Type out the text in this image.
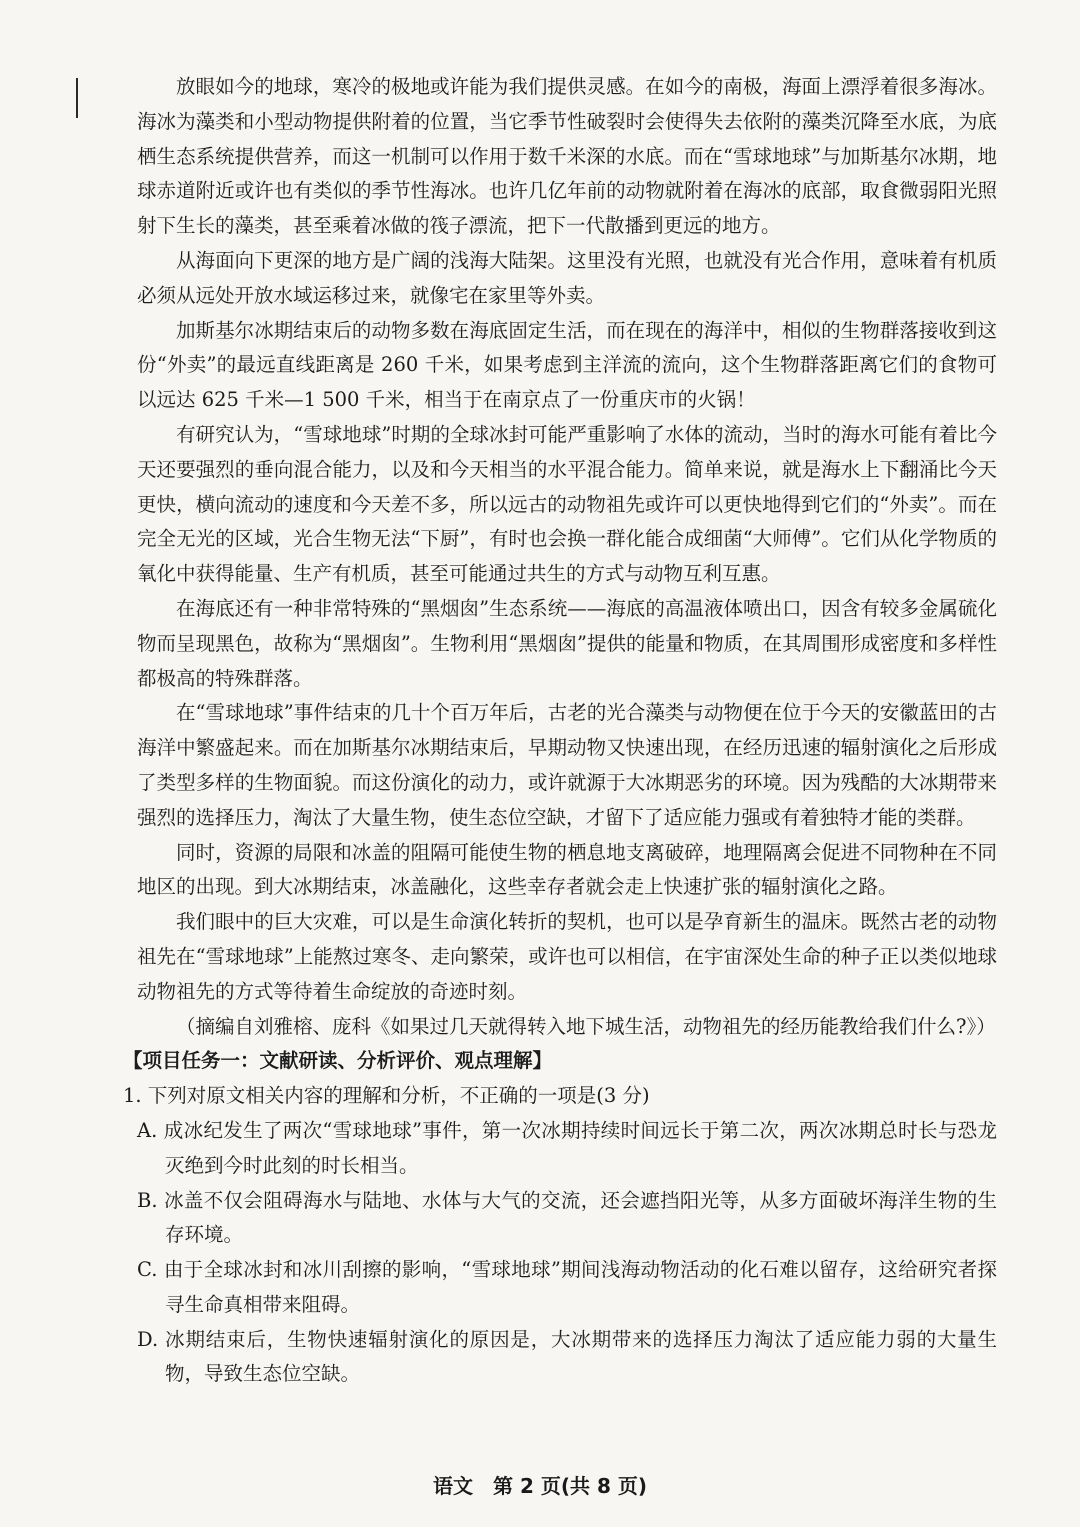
放眼如今的地球，寒冷的极地或许能为我们提供灵感。在如今的南极，海面上漂浮着很多海冰。海冰为藻类和小型动物提供附着的位置，当它季节性破裂时会使得失去依附的藻类沉降至水底，为底栖生态系统提供营养，而这一机制可以作用于数千米深的水底。而在“雪球地球”与加斯基尔冰期，地球赤道附近或许也有类似的季节性海冰。也许几亿年前的动物就附着在海冰的底部，取食微弱阳光照射下生长的藻类，甚至乘着冰做的筏子漂流，把下一代散播到更远的地方。

从海面向下更深的地方是广阔的浅海大陆架。这里没有光照，也就没有光合作用，意味着有机质必须从远处开放水域运移过来，就像宅在家里等外卖。

加斯基尔冰期结束后的动物多数在海底固定生活，而在现在的海洋中，相似的生物群落接收到这份“外卖”的最远直线距离是 260 千米，如果考虑到主洋流的流向，这个生物群落距离它们的食物可以远达 625 千米—1 500 千米，相当于在南京点了一份重庆市的火锅！

有研究认为，“雪球地球”时期的全球冰封可能严重影响了水体的流动，当时的海水可能有着比今天还要强烈的垂向混合能力，以及和今天相当的水平混合能力。简单来说，就是海水上下翻涌比今天更快，横向流动的速度和今天差不多，所以远古的动物祖先或许可以更快地得到它们的“外卖”。而在完全无光的区域，光合生物无法“下厨”，有时也会换一群化能合成细菌“大师傅”。它们从化学物质的氧化中获得能量、生产有机质，甚至可能通过共生的方式与动物互利互惠。

在海底还有一种非常特殊的“黑烟囱”生态系统——海底的高温液体喷出口，因含有较多金属硫化物而呈现黑色，故称为“黑烟囱”。生物利用“黑烟囱”提供的能量和物质，在其周围形成密度和多样性都极高的特殊群落。

在“雪球地球”事件结束的几十个百万年后，古老的光合藻类与动物便在位于今天的安徽蓝田的古海洋中繁盛起来。而在加斯基尔冰期结束后，早期动物又快速出现，在经历迅速的辐射演化之后形成了类型多样的生物面貌。而这份演化的动力，或许就源于大冰期恶劣的环境。因为残酷的大冰期带来强烈的选择压力，淘汰了大量生物，使生态位空缺，才留下了适应能力强或有着独特才能的类群。

同时，资源的局限和冰盖的阻隔可能使生物的栖息地支离破碎，地理隔离会促进不同物种在不同地区的出现。到大冰期结束，冰盖融化，这些幸存者就会走上快速扩张的辐射演化之路。

我们眼中的巨大灾难，可以是生命演化转折的契机，也可以是孕育新生的温床。既然古老的动物祖先在“雪球地球”上能熬过寒冬、走向繁荣，或许也可以相信，在宇宙深处生命的种子正以类似地球动物祖先的方式等待着生命绽放的奇迹时刻。

（摘编自刘雅榕、庞科《如果过几天就得转入地下城生活，动物祖先的经历能教给我们什么?》）

【项目任务一：文献研读、分析评价、观点理解】

1. 下列对原文相关内容的理解和分析，不正确的一项是(3 分)

A. 成冰纪发生了两次“雪球地球”事件，第一次冰期持续时间远长于第二次，两次冰期总时长与恐龙灭绝到今时此刻的时长相当。
B. 冰盖不仅会阻碍海水与陆地、水体与大气的交流，还会遮挡阳光等，从多方面破坏海洋生物的生存环境。
C. 由于全球冰封和冰川刮擦的影响，“雪球地球”期间浅海动物活动的化石难以留存，这给研究者探寻生命真相带来阻碍。
D. 冰期结束后，生物快速辐射演化的原因是，大冰期带来的选择压力淘汰了适应能力弱的大量生物，导致生态位空缺。
语文　第 2 页(共 8 页)
